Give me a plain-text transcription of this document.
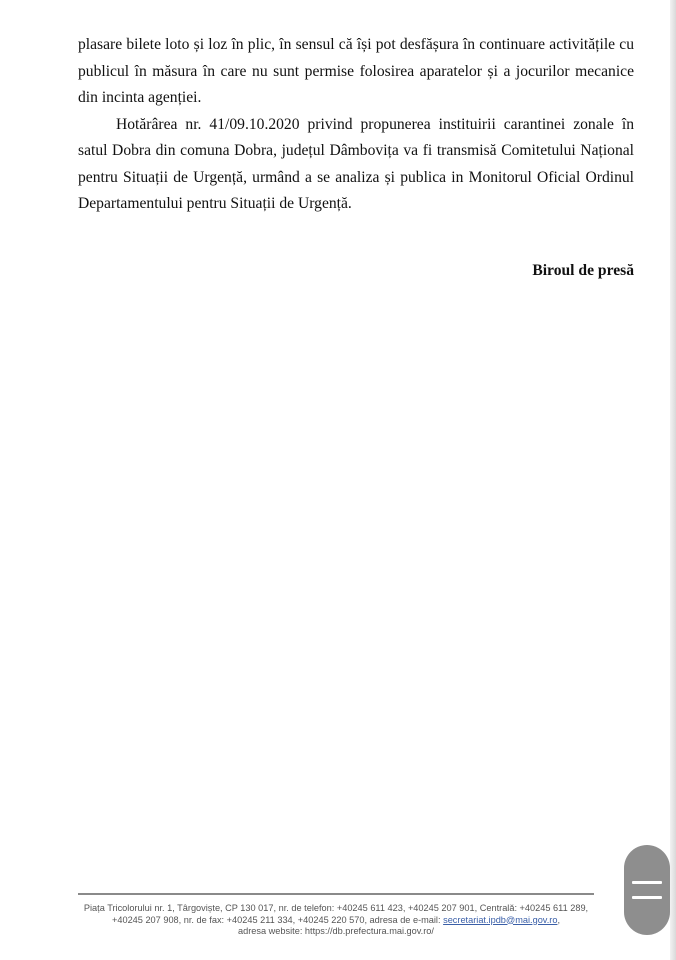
plasare bilete loto și loz în plic, în sensul că își pot desfășura în continuare activitățile cu publicul în măsura în care nu sunt permise folosirea aparatelor și a jocurilor mecanice din incinta agenției.

Hotărârea nr. 41/09.10.2020 privind propunerea instituirii carantinei zonale în satul Dobra din comuna Dobra, județul Dâmbovița va fi transmisă Comitetului Național pentru Situații de Urgență, urmând a se analiza și publica in Monitorul Oficial Ordinul Departamentului pentru Situații de Urgență.

Biroul de presă
Piața Tricolorului nr. 1, Târgoviște, CP 130 017, nr. de telefon: +40245 611 423, +40245 207 901, Centrală: +40245 611 289,
+40245 207 908, nr. de fax: +40245 211 334, +40245 220 570, adresa de e-mail: secretariat.ipdb@mai.gov.ro,
adresa website: https://db.prefectura.mai.gov.ro/
